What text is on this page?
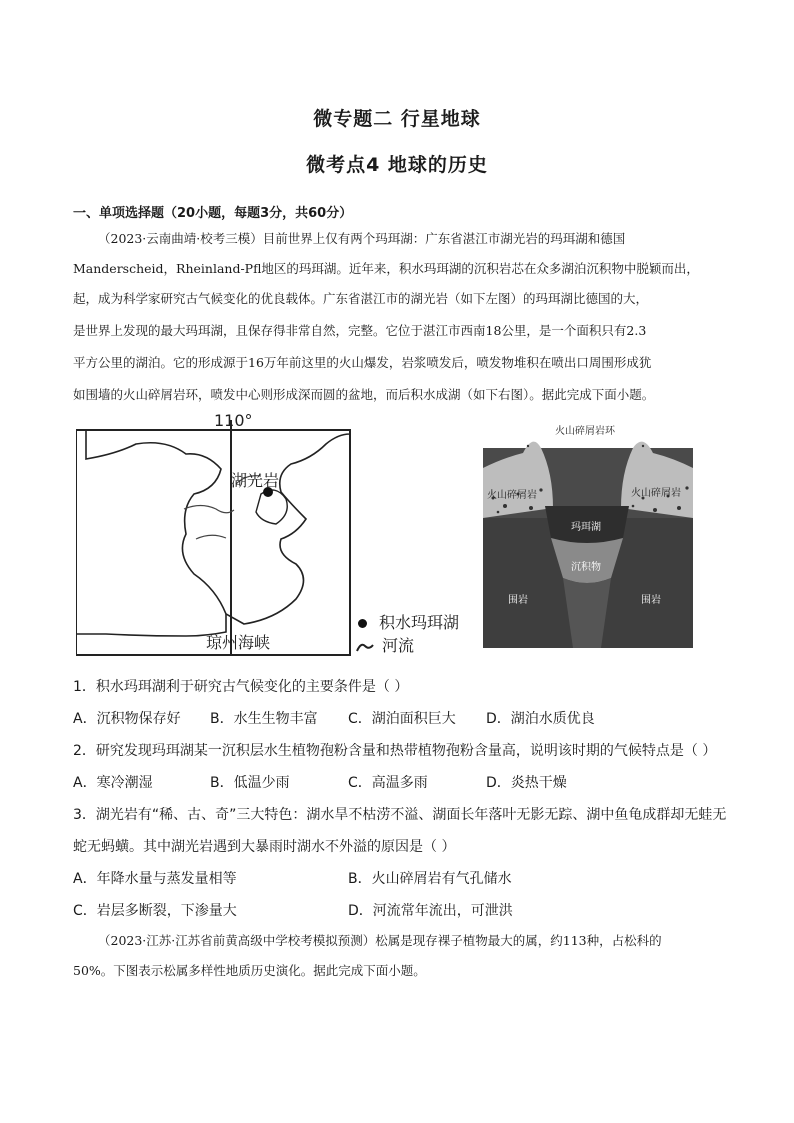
微专题二 行星地球
微考点4 地球的历史
一、单项选择题（20小题，每题3分，共60分）
（2023·云南曲靖·校考三模）目前世界上仅有两个玛珥湖：广东省湛江市湖光岩的玛珥湖和德国
Manderscheid，Rheinland-Pfl地区的玛珥湖。近年来，积水玛珥湖的沉积岩芯在众多湖泊沉积物中脱颖而出，
起，成为科学家研究古气候变化的优良载体。广东省湛江市的湖光岩（如下左图）的玛珥湖比德国的大，
是世界上发现的最大玛珥湖，且保存得非常自然，完整。它位于湛江市西南18公里，是一个面积只有2.3
平方公里的湖泊。它的形成源于16万年前这里的火山爆发，岩浆喷发后，喷发物堆积在喷出口周围形成犹
如围墙的火山碎屑岩环，喷发中心则形成深而圆的盆地，而后积水成湖（如下右图）。据此完成下面小题。
110°
湖光岩
琼州海峡
积水玛珥湖
河流
火山碎屑岩环
火山碎屑岩	火山碎屑岩
玛珥湖
沉积物
围岩	围岩
1．积水玛珥湖利于研究古气候变化的主要条件是（ ）
A．沉积物保存好 B．水生生物丰富 C．湖泊面积巨大 D．湖泊水质优良
2．研究发现玛珥湖某一沉积层水生植物孢粉含量和热带植物孢粉含量高，说明该时期的气候特点是（ ）
A．寒冷潮湿	B．低温少雨	C．高温多雨	D．炎热干燥
3．湖光岩有“稀、古、奇”三大特色：湖水旱不枯涝不溢、湖面长年落叶无影无踪、湖中鱼龟成群却无蛙无
蛇无蚂蟥。其中湖光岩遇到大暴雨时湖水不外溢的原因是（ ）
A．年降水量与蒸发量相等	B．火山碎屑岩有气孔储水
C．岩层多断裂，下渗量大	D．河流常年流出，可泄洪
（2023·江苏·江苏省前黄高级中学校考模拟预测）松属是现存裸子植物最大的属，约113种，占松科的
50%。下图表示松属多样性地质历史演化。据此完成下面小题。
